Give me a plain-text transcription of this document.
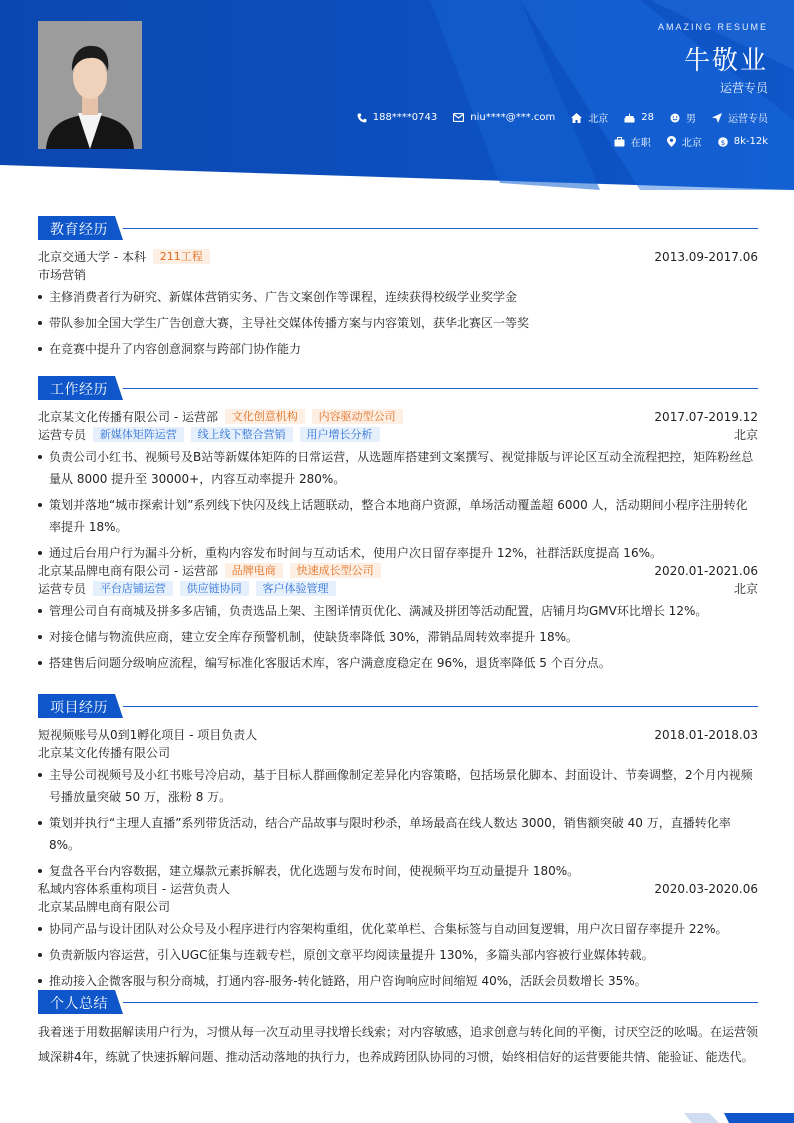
AMAZING RESUME
牛敬业
运营专员
188****0743	niu****@***.com	北京	28	男	运营专员
在职	北京	$ 8k-12k
教育经历
北京交通大学 - 本科 211工程	2013.09-2017.06
市场营销
主修消费者行为研究、新媒体营销实务、广告文案创作等课程，连续获得校级学业奖学金
带队参加全国大学生广告创意大赛，主导社交媒体传播方案与内容策划，获华北赛区一等奖
在竞赛中提升了内容创意洞察与跨部门协作能力
工作经历
北京某文化传播有限公司 - 运营部 文化创意机构 内容驱动型公司	2017.07-2019.12
运营专员 新媒体矩阵运营 线上线下整合营销 用户增长分析	北京
负责公司小红书、视频号及B站等新媒体矩阵的日常运营，从选题库搭建到文案撰写、视觉排版与评论区互动全流程把控，矩阵粉丝总量从 8000 提升至 30000+，内容互动率提升 280%。
策划并落地“城市探索计划”系列线下快闪及线上话题联动，整合本地商户资源，单场活动覆盖超 6000 人，活动期间小程序注册转化率提升 18%。
通过后台用户行为漏斗分析，重构内容发布时间与互动话术，使用户次日留存率提升 12%，社群活跃度提高 16%。
北京某品牌电商有限公司 - 运营部 品牌电商 快速成长型公司	2020.01-2021.06
运营专员 平台店铺运营 供应链协同 客户体验管理	北京
管理公司自有商城及拼多多店铺，负责选品上架、主图详情页优化、满减及拼团等活动配置，店铺月均GMV环比增长 12%。
对接仓储与物流供应商，建立安全库存预警机制，使缺货率降低 30%，滞销品周转效率提升 18%。
搭建售后问题分级响应流程，编写标准化客服话术库，客户满意度稳定在 96%，退货率降低 5 个百分点。
项目经历
短视频账号从0到1孵化项目 - 项目负责人	2018.01-2018.03
北京某文化传播有限公司
主导公司视频号及小红书账号冷启动，基于目标人群画像制定差异化内容策略，包括场景化脚本、封面设计、节奏调整，2个月内视频号播放量突破 50 万，涨粉 8 万。
策划并执行“主理人直播”系列带货活动，结合产品故事与限时秒杀，单场最高在线人数达 3000，销售额突破 40 万，直播转化率 8%。
复盘各平台内容数据，建立爆款元素拆解表，优化选题与发布时间，使视频平均互动量提升 180%。
私域内容体系重构项目 - 运营负责人	2020.03-2020.06
北京某品牌电商有限公司
协同产品与设计团队对公众号及小程序进行内容架构重组，优化菜单栏、合集标签与自动回复逻辑，用户次日留存率提升 22%。
负责新版内容运营，引入UGC征集与连载专栏，原创文章平均阅读量提升 130%，多篇头部内容被行业媒体转载。
推动接入企微客服与积分商城，打通内容-服务-转化链路，用户咨询响应时间缩短 40%，活跃会员数增长 35%。
个人总结
我着迷于用数据解读用户行为，习惯从每一次互动里寻找增长线索；对内容敏感，追求创意与转化间的平衡，讨厌空泛的吆喝。在运营领域深耕4年，练就了快速拆解问题、推动活动落地的执行力，也养成跨团队协同的习惯，始终相信好的运营要能共情、能验证、能迭代。
